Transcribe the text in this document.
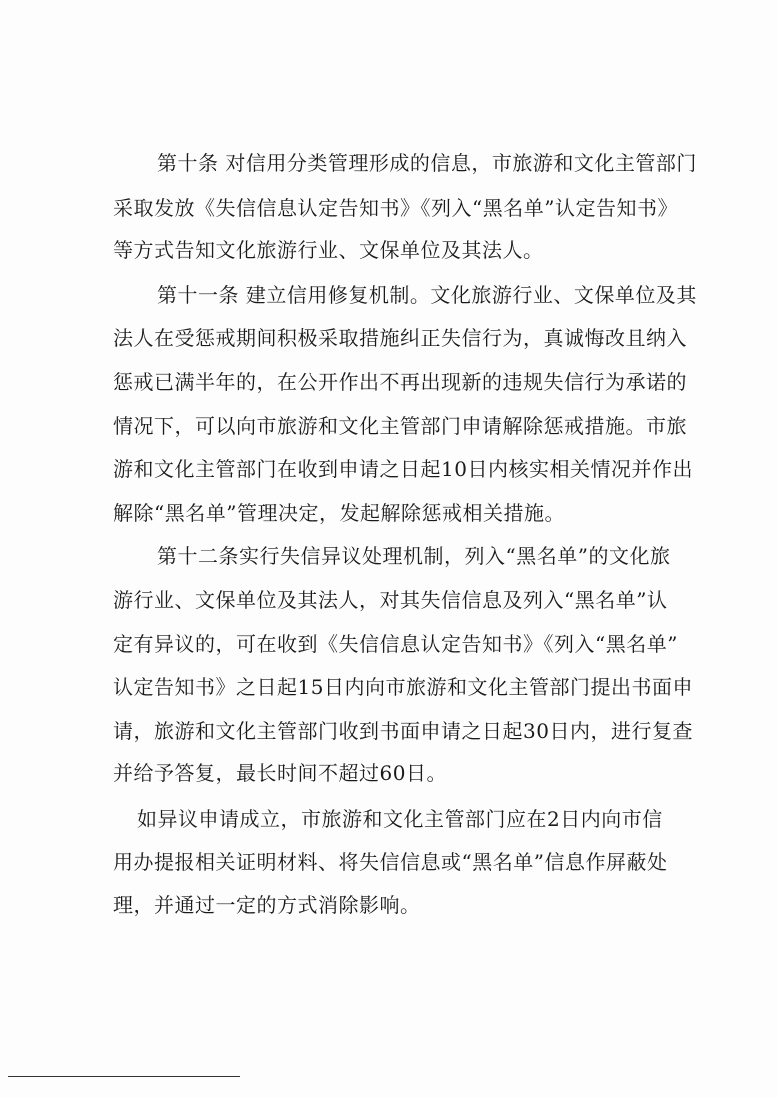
第十条 对信用分类管理形成的信息，市旅游和文化主管部门
采取发放《失信信息认定告知书》《列入“黑名单”认定告知书》
等方式告知文化旅游行业、文保单位及其法人。
第十一条 建立信用修复机制。文化旅游行业、文保单位及其
法人在受惩戒期间积极采取措施纠正失信行为，真诚悔改且纳入
惩戒已满半年的，在公开作出不再出现新的违规失信行为承诺的
情况下，可以向市旅游和文化主管部门申请解除惩戒措施。市旅
游和文化主管部门在收到申请之日起10日内核实相关情况并作出
解除“黑名单”管理决定，发起解除惩戒相关措施。
第十二条实行失信异议处理机制，列入“黑名单”的文化旅
游行业、文保单位及其法人，对其失信信息及列入“黑名单”认
定有异议的，可在收到《失信信息认定告知书》《列入“黑名单”
认定告知书》之日起15日内向市旅游和文化主管部门提出书面申
请，旅游和文化主管部门收到书面申请之日起30日内，进行复查
并给予答复，最长时间不超过60日。
如异议申请成立，市旅游和文化主管部门应在2日内向市信
用办提报相关证明材料、将失信信息或“黑名单”信息作屏蔽处
理，并通过一定的方式消除影响。
